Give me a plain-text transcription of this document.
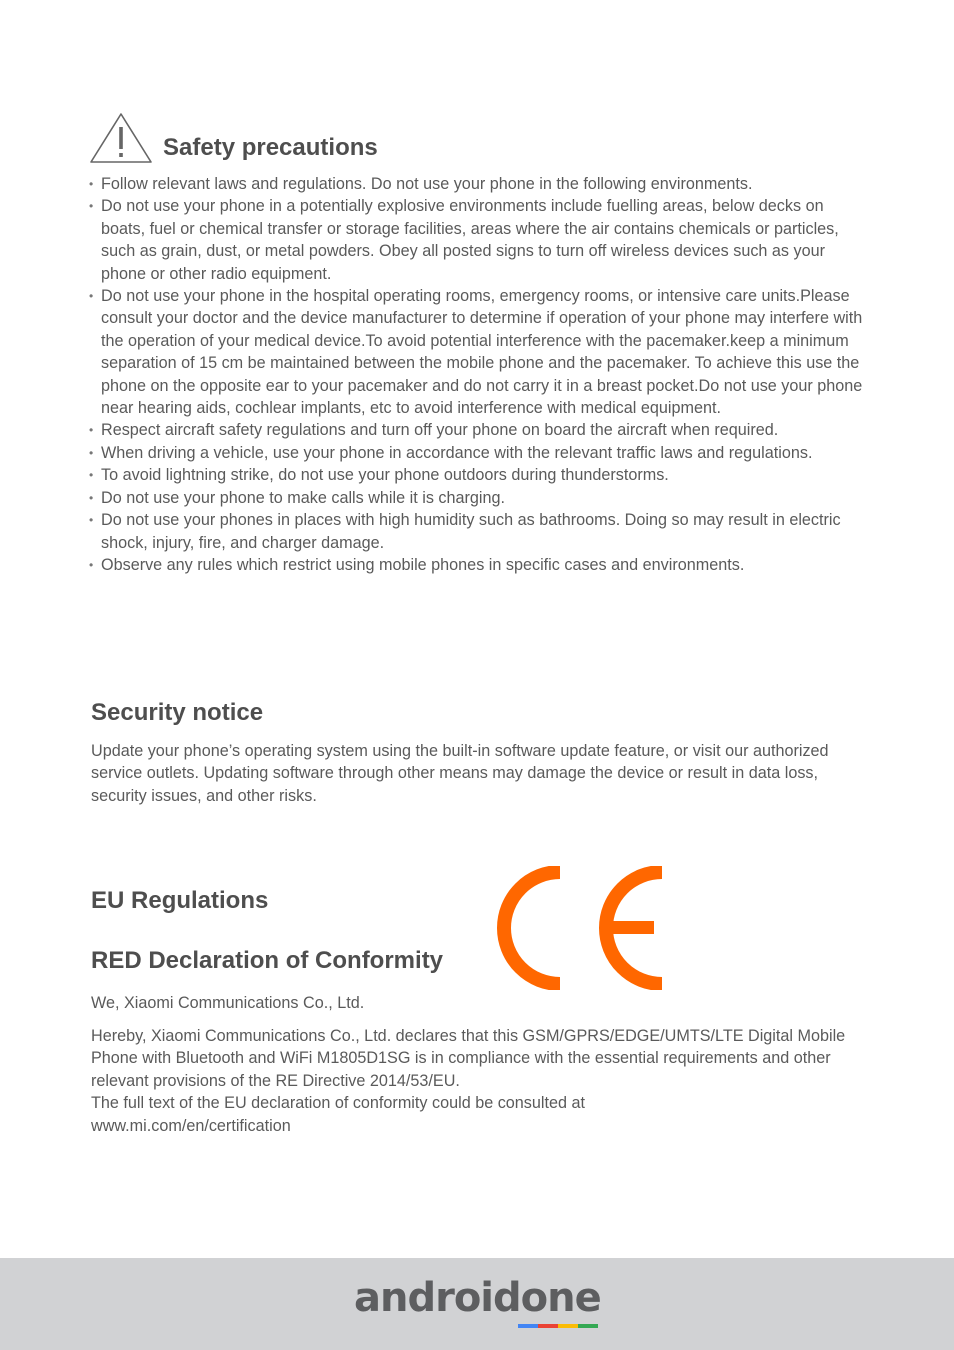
Safety precautions
• Follow relevant laws and regulations. Do not use your phone in the following environments.
• Do not use your phone in a potentially explosive environments include fuelling areas, below decks on boats, fuel or chemical transfer or storage facilities, areas where the air contains chemicals or particles, such as grain, dust, or metal powders. Obey all posted signs to turn off wireless devices such as your phone or other radio equipment.
• Do not use your phone in the hospital operating rooms, emergency rooms, or intensive care units.Please consult your doctor and the device manufacturer to determine if operation of your phone may interfere with the operation of your medical device.To avoid potential interference with the pacemaker.keep a minimum separation of 15 cm be maintained between the mobile phone and the pacemaker. To achieve this use the phone on the opposite ear to your pacemaker and do not carry it in a breast pocket.Do not use your phone near hearing aids, cochlear implants, etc to avoid interference with medical equipment.
• Respect aircraft safety regulations and turn off your phone on board the aircraft when required.
• When driving a vehicle, use your phone in accordance with the relevant traffic laws and regulations.
• To avoid lightning strike, do not use your phone outdoors during thunderstorms.
• Do not use your phone to make calls while it is charging.
• Do not use your phones in places with high humidity such as bathrooms. Doing so may result in electric shock, injury, fire, and charger damage.
• Observe any rules which restrict using mobile phones in specific cases and environments.
Security notice

Update your phone’s operating system using the built-in software update feature, or visit our authorized service outlets. Updating software through other means may damage the device or result in data loss, security issues, and other risks.

EU Regulations
RED Declaration of Conformity

We, Xiaomi Communications Co., Ltd.

Hereby, Xiaomi Communications Co., Ltd. declares that this GSM/GPRS/EDGE/UMTS/LTE Digital Mobile Phone with Bluetooth and WiFi M1805D1SG is in compliance with the essential requirements and other relevant provisions of the RE Directive 2014/53/EU.
The full text of the EU declaration of conformity could be consulted at
www.mi.com/en/certification
androidone
